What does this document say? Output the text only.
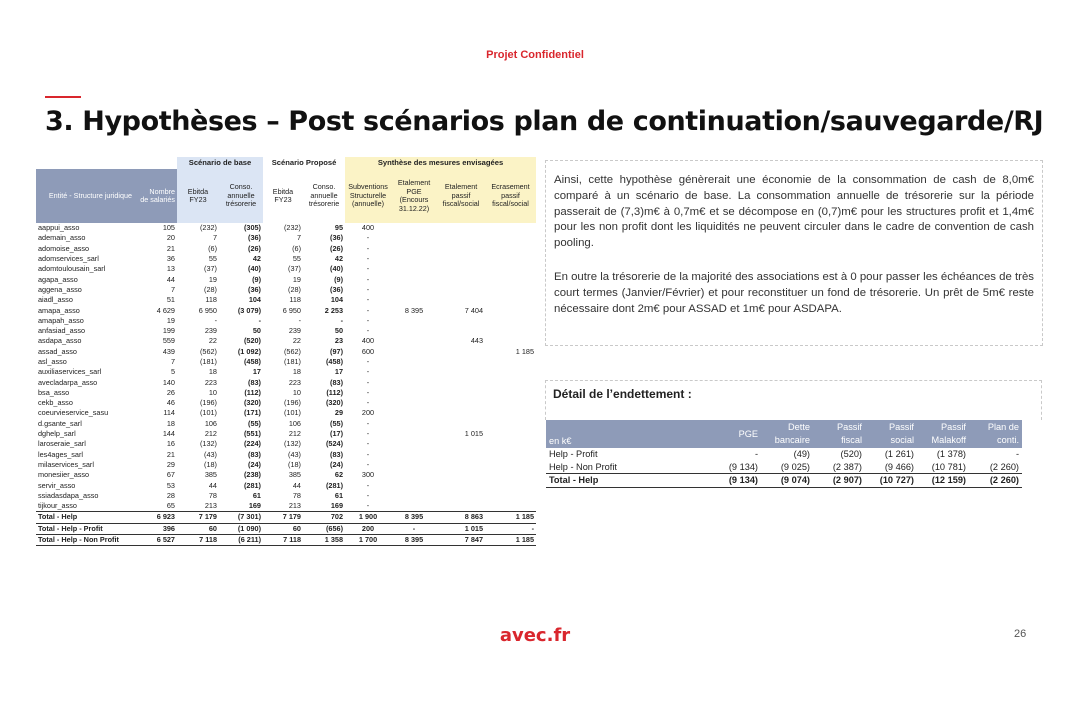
Projet Confidentiel
3. Hypothèses – Post scénarios plan de continuation/sauvegarde/RJ
		Scénario de base		Scénario Proposé		Synthèse des mesures envisagées			
Entité - Structure juridique	Nombre de salariés	Ebitda FY23	Conso. annuelle trésorerie	Ebitda FY23	Conso. annuelle trésorerie	Subventions Structurelle (annuelle)	Etalement PGE (Encours 31.12.22)	Etalement passif fiscal/social	Ecrasement passif fiscal/social
aappui_asso	105	(232)	(305)	(232)	95	400			
ademain_asso	20	7	(36)	7	(36)	-			
adomoise_asso	21	(6)	(26)	(6)	(26)	-			
adomservices_sarl	36	55	42	55	42	-			
adomtoulousain_sarl	13	(37)	(40)	(37)	(40)	-			
agapa_asso	44	19	(9)	19	(9)	-			
aggena_asso	7	(28)	(36)	(28)	(36)	-			
aiadl_asso	51	118	104	118	104	-			
amapa_asso	4 629	6 950	(3 079)	6 950	2 253	-	8 395	7 404	
amapah_asso	19	-	-	-	-	-			
anfasiad_asso	199	239	50	239	50	-			
asdapa_asso	559	22	(520)	22	23	400		443	
assad_asso	439	(562)	(1 092)	(562)	(97)	600			1 185
asl_asso	7	(181)	(458)	(181)	(458)	-			
auxiliaservices_sarl	5	18	17	18	17	-			
avecladarpa_asso	140	223	(83)	223	(83)	-			
bsa_asso	26	10	(112)	10	(112)	-			
cekb_asso	46	(196)	(320)	(196)	(320)	-			
coeurvieservice_sasu	114	(101)	(171)	(101)	29	200			
d.gsante_sarl	18	106	(55)	106	(55)	-			
dghelp_sarl	144	212	(551)	212	(17)	-		1 015	
laroseraie_sarl	16	(132)	(224)	(132)	(524)	-			
les4ages_sarl	21	(43)	(83)	(43)	(83)	-			
milaservices_sarl	29	(18)	(24)	(18)	(24)	-			
monesiier_asso	67	385	(238)	385	62	300			
servir_asso	53	44	(281)	44	(281)	-			
ssiadasdapa_asso	28	78	61	78	61	-			
tijkour_asso	65	213	169	213	169	-			
Total - Help	6 923	7 179	(7 301)	7 179	702	1 900	8 395	8 863	1 185
Total - Help - Profit	396	60	(1 090)	60	(656)	200	-	1 015	-
Total - Help - Non Profit	6 527	7 118	(6 211)	7 118	1 358	1 700	8 395	7 847	1 185

Ainsi, cette hypothèse génèrerait une économie de la consommation de cash de 8,0m€ comparé à un scénario de base. La consommation annuelle de trésorerie sur la période passerait de (7,3)m€ à 0,7m€ et se décompose en (0,7)m€ pour les structures profit et 1,4m€ pour les non profit dont les liquidités ne peuvent circuler dans le cadre de convention de cash pooling.

En outre la trésorerie de la majorité des associations est à 0 pour passer les échéances de très court termes (Janvier/Février) et pour reconstituer un fond de trésorerie. Un prêt de 5m€ reste nécessaire dont 2m€ pour ASSAD et 1m€ pour ASDAPA.

Détail de l’endettement :
en k€	PGE	Dette bancaire	Passif fiscal	Passif social	Passif Malakoff	Plan de conti.
Help - Profit	-	(49)	(520)	(1 261)	(1 378)	-
Help - Non Profit	(9 134)	(9 025)	(2 387)	(9 466)	(10 781)	(2 260)
Total - Help	(9 134)	(9 074)	(2 907)	(10 727)	(12 159)	(2 260)
avec.fr	26
